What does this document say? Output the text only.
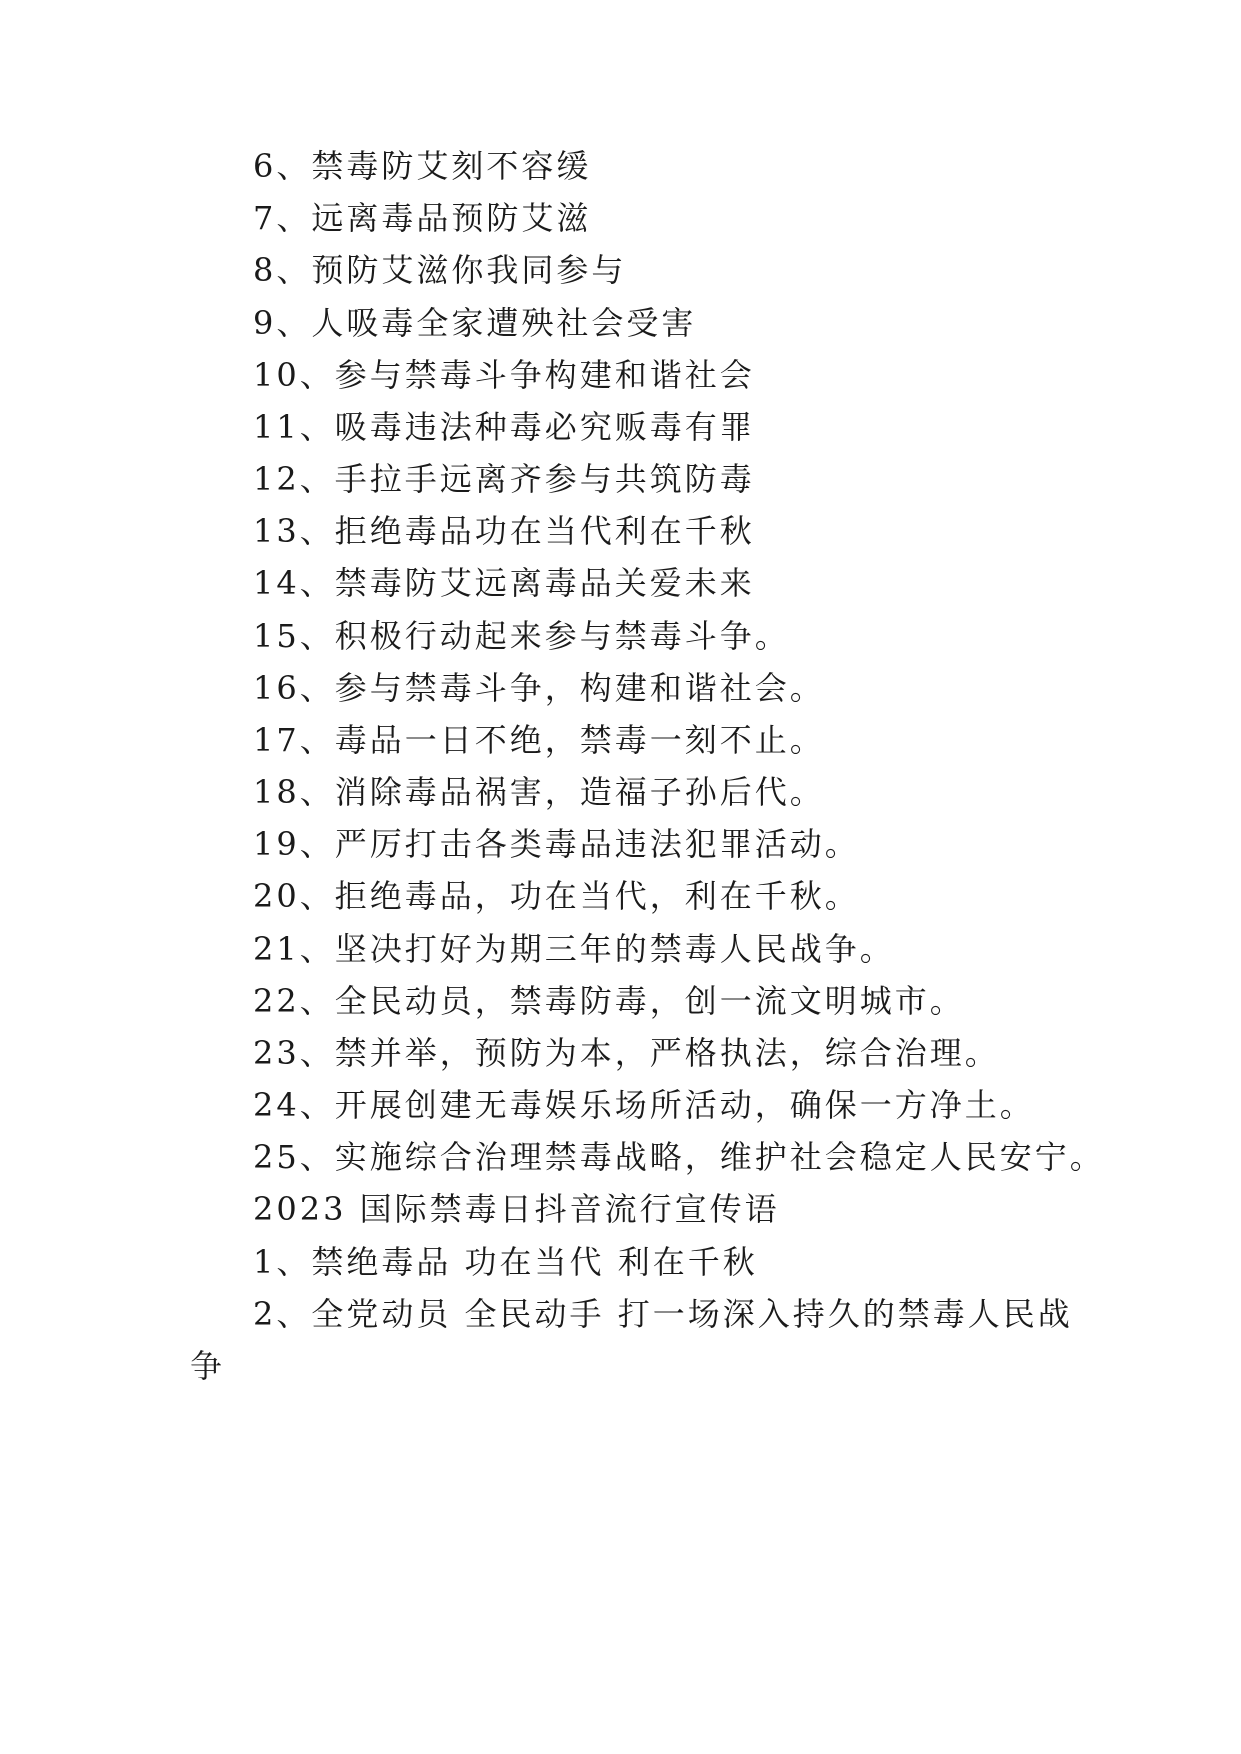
6、禁毒防艾刻不容缓
7、远离毒品预防艾滋
8、预防艾滋你我同参与
9、人吸毒全家遭殃社会受害
10、参与禁毒斗争构建和谐社会
11、吸毒违法种毒必究贩毒有罪
12、手拉手远离齐参与共筑防毒
13、拒绝毒品功在当代利在千秋
14、禁毒防艾远离毒品关爱未来
15、积极行动起来参与禁毒斗争。
16、参与禁毒斗争，构建和谐社会。
17、毒品一日不绝，禁毒一刻不止。
18、消除毒品祸害，造福子孙后代。
19、严厉打击各类毒品违法犯罪活动。
20、拒绝毒品，功在当代，利在千秋。
21、坚决打好为期三年的禁毒人民战争。
22、全民动员，禁毒防毒，创一流文明城市。
23、禁并举，预防为本，严格执法，综合治理。
24、开展创建无毒娱乐场所活动，确保一方净土。
25、实施综合治理禁毒战略，维护社会稳定人民安宁。
2023 国际禁毒日抖音流行宣传语
1、禁绝毒品 功在当代 利在千秋
2、全党动员 全民动手 打一场深入持久的禁毒人民战
争
